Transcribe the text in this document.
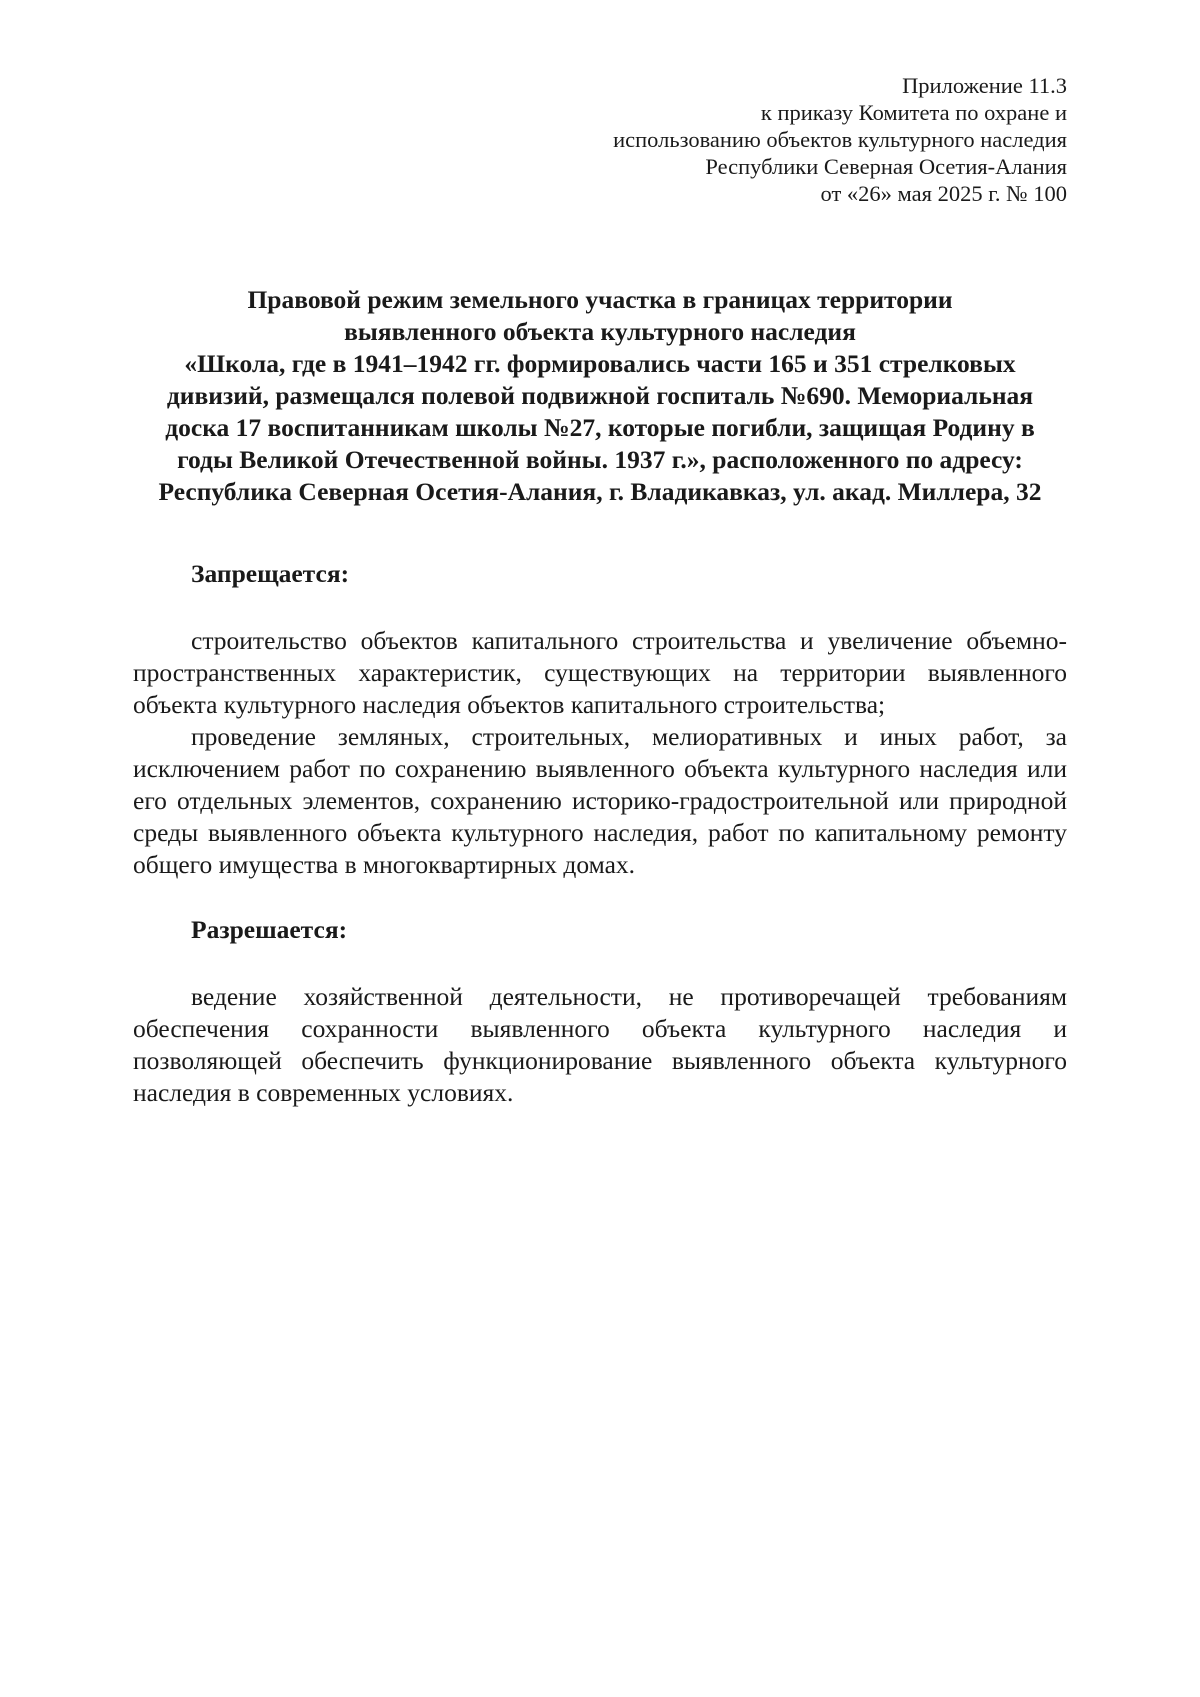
Приложение 11.3
к приказу Комитета по охране и
использованию объектов культурного наследия
Республики Северная Осетия-Алания
от «26» мая 2025 г. № 100
Правовой режим земельного участка в границах территории
выявленного объекта культурного наследия
«Школа, где в 1941–1942 гг. формировались части 165 и 351 стрелковых
дивизий, размещался полевой подвижной госпиталь №690. Мемориальная
доска 17 воспитанникам школы №27, которые погибли, защищая Родину в
годы Великой Отечественной войны. 1937 г.», расположенного по адресу:
Республика Северная Осетия-Алания, г. Владикавказ, ул. акад. Миллера, 32
Запрещается:

строительство объектов капитального строительства и увеличение объемно-пространственных характеристик, существующих на территории выявленного объекта культурного наследия объектов капитального строительства;

проведение земляных, строительных, мелиоративных и иных работ, за исключением работ по сохранению выявленного объекта культурного наследия или его отдельных элементов, сохранению историко-градостроительной или природной среды выявленного объекта культурного наследия, работ по капитальному ремонту общего имущества в многоквартирных домах.

Разрешается:

ведение хозяйственной деятельности, не противоречащей требованиям обеспечения сохранности выявленного объекта культурного наследия и позволяющей обеспечить функционирование выявленного объекта культурного наследия в современных условиях.
